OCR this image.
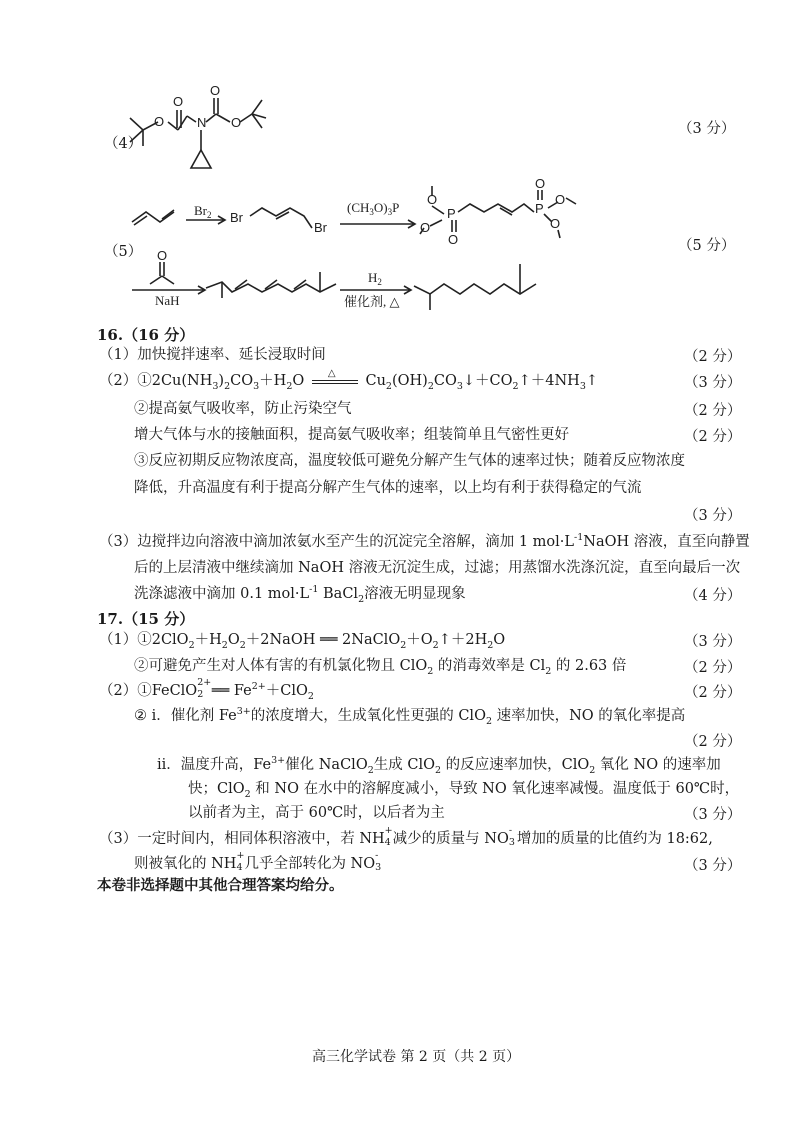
O
O
N
O
O
$Br_2$ Br
Br
$(CH_3O)_3P$
O
P
O
O
O
P
O
O
O
NaH
$H_2$
催化剂, △
（4）
（3 分）
（5）	（5 分）
16.（16 分）
（1）加快搅拌速率、延长浸取时间	（2 分）
$(2)①2Cu(NH_3)_2CO_3+H_2O$ △ $Cu_2(OH)_2CO_3↓+CO_2↑+4NH_3↑$	（3 分）
②提高氨气吸收率，防止污染空气	（2 分）
增大气体与水的接触面积，提高氨气吸收率；组装简单且气密性更好	（2 分）
③反应初期反应物浓度高，温度较低可避免分解产生气体的速率过快；随着反应物浓度
降低，升高温度有利于提高分解产生气体的速率，以上均有利于获得稳定的气流
（3 分）
（3）边搅拌边向溶液中滴加浓氨水至产生的沉淀完全溶解，滴加 1 $mol\cdot L^{-1}NaOH$ 溶液，直至向静置
后的上层清液中继续滴加 NaOH 溶液无沉淀生成，过滤；用蒸馏水洗涤沉淀，直至向最后一次
洗涤滤液中滴加 0.1 $mol\cdot L^{-1}$ BaCl$_2$溶液无明显现象	（4 分）
17.（15 分）
$(1)①2ClO_2+H_2O_2+2NaOH$ ══ $2NaClO_2+O_2↑+2H_2O$	（3 分）
②可避免产生对人体有害的有机氯化物且 ClO$_2$ 的消毒效率是 $Cl_2$ 的 2.63 倍	（2 分）
（2）①FeClO
2+
2 ══ $Fe^{2+}+ClO_2$	（2 分）
② i．催化剂 $Fe^{3+}$的浓度增大，生成氧化性更强的 ClO$_2$ 速率加快，NO 的氧化率提高
（2 分）
ii．温度升高，$Fe^{3+}$催化 NaClO$_2$生成 ClO$_2$ 的反应速率加快，ClO$_2$ 氧化 NO 的速率加
快；ClO$_2$ 和 NO 在水中的溶解度减小，导致 NO 氧化速率减慢。温度低于 60℃时，
以前者为主，高于 60℃时，以后者为主	（3 分）
（3）一定时间内，相同体积溶液中，若 NH
+
4 减少的质量与 NO
-
3 增加的质量的比值约为 18:62,
则被氧化的 NH
+
4 几乎全部转化为 NO
-
3	（3 分）
本卷非选择题中其他合理答案均给分。
高三化学试卷 第 2 页（共 2 页）
